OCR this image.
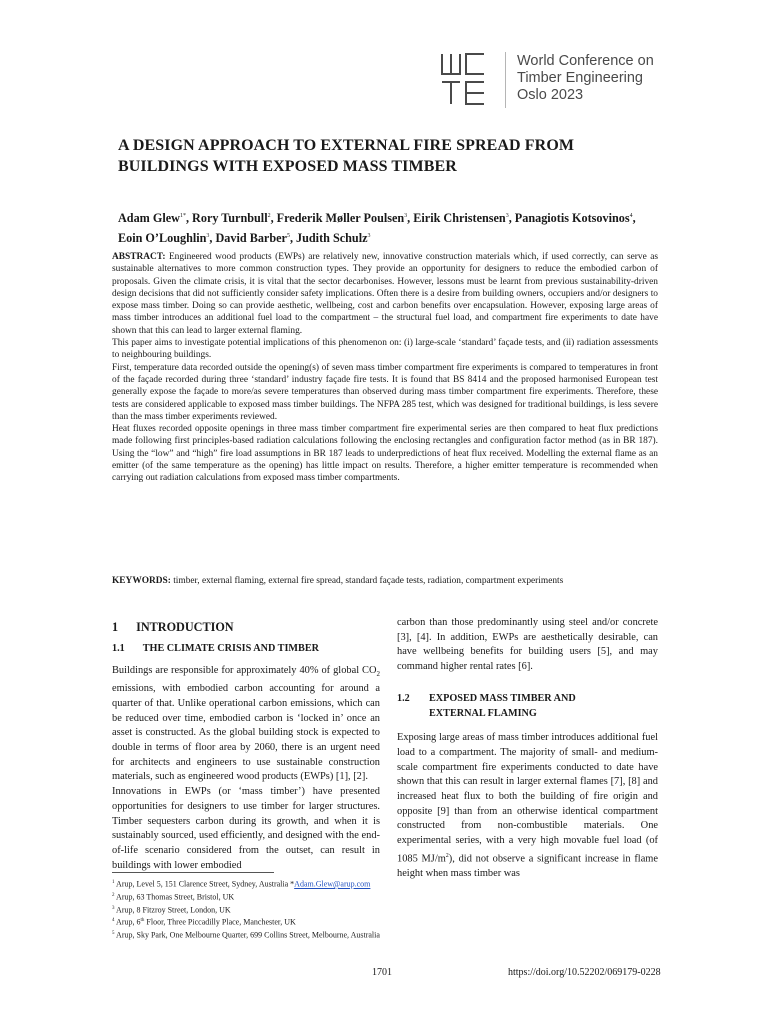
World Conference on
Timber Engineering
Oslo 2023
A DESIGN APPROACH TO EXTERNAL FIRE SPREAD FROM BUILDINGS WITH EXPOSED MASS TIMBER
Adam Glew$^{1*}$, Rory Turnbull$^2$, Frederik Møller Poulsen$^3$, Eirik Christensen$^3$, Panagiotis Kotsovinos$^4$, Eoin O’Loughlin$^3$, David Barber$^5$, Judith Schulz$^3$

ABSTRACT: Engineered wood products (EWPs) are relatively new, innovative construction materials which, if used correctly, can serve as sustainable alternatives to more common construction types. They provide an opportunity for designers to reduce the embodied carbon of proposals. Given the climate crisis, it is vital that the sector decarbonises. However, lessons must be learnt from previous sustainability-driven design decisions that did not sufficiently consider safety implications. Often there is a desire from building owners, occupiers and/or designers to expose mass timber. Doing so can provide aesthetic, wellbeing, cost and carbon benefits over encapsulation. However, exposing large areas of mass timber introduces an additional fuel load to the compartment – the structural fuel load, and compartment fire experiments to date have shown that this can lead to larger external flaming.

This paper aims to investigate potential implications of this phenomenon on: (i) large-scale ‘standard’ façade tests, and (ii) radiation assessments to neighbouring buildings.

First, temperature data recorded outside the opening(s) of seven mass timber compartment fire experiments is compared to temperatures in front of the façade recorded during three ‘standard’ industry façade fire tests. It is found that BS 8414 and the proposed harmonised European test generally expose the façade to more/as severe temperatures than observed during mass timber compartment fire experiments. Therefore, these tests are considered applicable to exposed mass timber buildings. The NFPA 285 test, which was designed for traditional buildings, is less severe than the mass timber experiments reviewed.

Heat fluxes recorded opposite openings in three mass timber compartment fire experimental series are then compared to heat flux predictions made following first principles-based radiation calculations following the enclosing rectangles and configuration factor method (as in BR 187). Using the “low” and “high” fire load assumptions in BR 187 leads to underpredictions of heat flux received. Modelling the external flame as an emitter (of the same temperature as the opening) has little impact on results. Therefore, a higher emitter temperature is recommended when carrying out radiation calculations from exposed mass timber compartments.

KEYWORDS: timber, external flaming, external fire spread, standard façade tests, radiation, compartment experiments
1 INTRODUCTION
1.1 THE CLIMATE CRISIS AND TIMBER

Buildings are responsible for approximately 40% of global $CO_2$ emissions, with embodied carbon accounting for around a quarter of that. Unlike operational carbon emissions, which can be reduced over time, embodied carbon is ‘locked in’ once an asset is constructed. As the global building stock is expected to double in terms of floor area by 2060, there is an urgent need for architects and engineers to use sustainable construction materials, such as engineered wood products (EWPs) [1], [2].

Innovations in EWPs (or ‘mass timber’) have presented opportunities for designers to use timber for larger structures. Timber sequesters carbon during its growth, and when it is sustainably sourced, used efficiently, and designed with the end-of-life scenario considered from the outset, can result in buildings with lower embodied

carbon than those predominantly using steel and/or concrete [3], [4]. In addition, EWPs are aesthetically desirable, can have wellbeing benefits for building users [5], and may command higher rental rates [6].

1.2	EXPOSED MASS TIMBER AND
EXTERNAL FLAMING

Exposing large areas of mass timber introduces additional fuel load to a compartment. The majority of small- and medium-scale compartment fire experiments conducted to date have shown that this can result in larger external flames [7], [8] and increased heat flux to both the building of fire origin and opposite [9] than from an otherwise identical compartment constructed from non-combustible materials. One experimental series, with a very high movable fuel load (of 1085 $MJ/m^2$), did not observe a significant increase in flame height when mass timber was

$^1$ Arup, Level 5, 151 Clarence Street, Sydney, Australia *Adam.Glew@arup.com
$^2$ Arup, 63 Thomas Street, Bristol, UK
$^3$ Arup, 8 Fitzroy Street, London, UK
$^4$ Arup, 6th Floor, Three Piccadilly Place, Manchester, UK
$^5$ Arup, Sky Park, One Melbourne Quarter, 699 Collins Street, Melbourne, Australia
1701	https://doi.org/10.52202/069179-0228
